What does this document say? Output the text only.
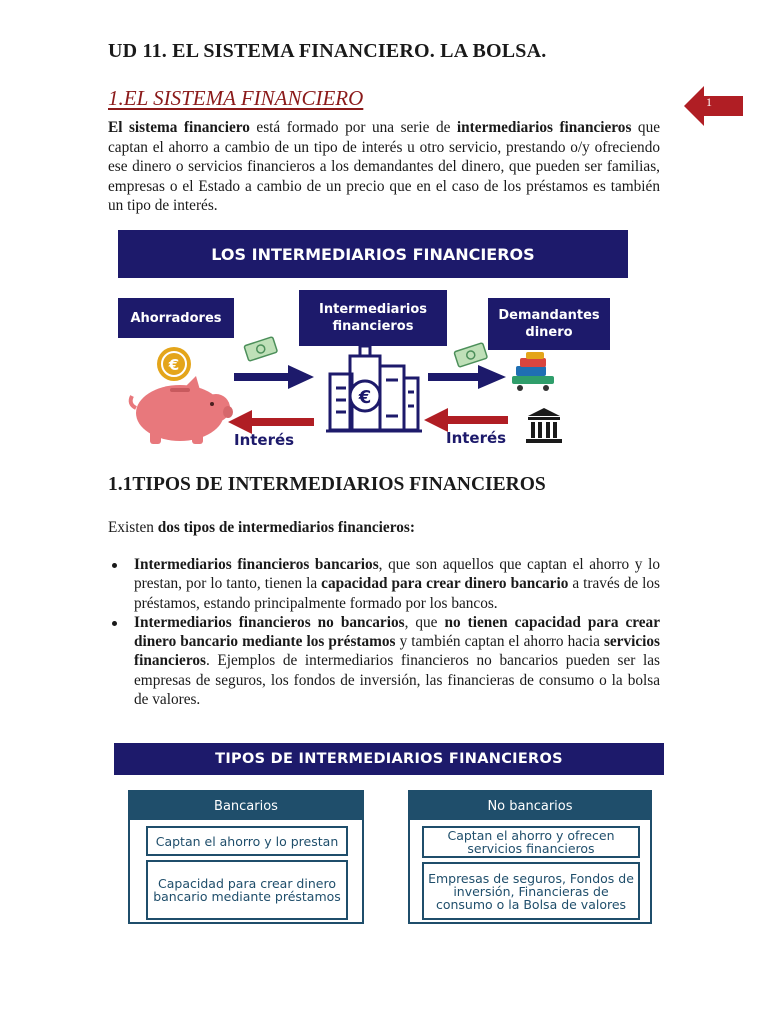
UD 11. EL SISTEMA FINANCIERO. LA BOLSA.
1
1.EL SISTEMA FINANCIERO

El sistema financiero está formado por una serie de intermediarios financieros que captan el ahorro a cambio de un tipo de interés u otro servicio, prestando o/y ofreciendo ese dinero o servicios financieros a los demandantes del dinero, que pueden ser familias, empresas o el Estado a cambio de un precio que en el caso de los préstamos es también un tipo de interés.

€
€
LOS INTERMEDIARIOS FINANCIEROS
Ahorradores
Intermediarios financieros
Demandantes dinero
Interés	Interés
1.1TIPOS DE INTERMEDIARIOS FINANCIEROS

Existen dos tipos de intermediarios financieros:

Intermediarios financieros bancarios, que son aquellos que captan el ahorro y lo prestan, por lo tanto, tienen la capacidad para crear dinero bancario a través de los préstamos, estando principalmente formado por los bancos.
Intermediarios financieros no bancarios, que no tienen capacidad para crear dinero bancario mediante los préstamos y también captan el ahorro hacia servicios financieros. Ejemplos de intermediarios financieros no bancarios pueden ser las empresas de seguros, los fondos de inversión, las financieras de consumo o la bolsa de valores.
TIPOS DE INTERMEDIARIOS FINANCIEROS
Bancarios
Captan el ahorro y lo prestan
Capacidad para crear dinero bancario mediante préstamos
No bancarios
Captan el ahorro y ofrecen servicios financieros
Empresas de seguros, Fondos de inversión, Financieras de consumo o la Bolsa de valores
